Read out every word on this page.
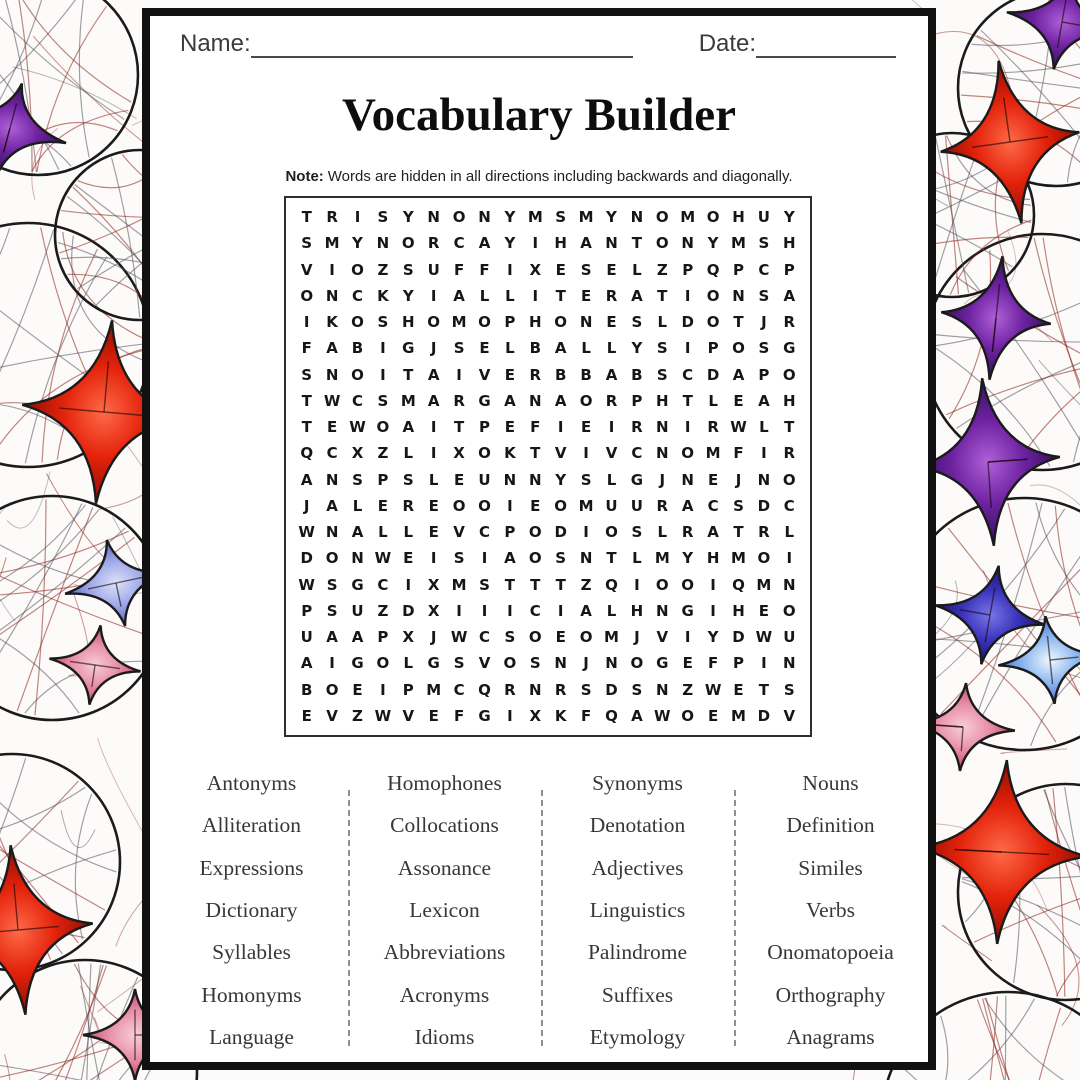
Name:	Date:
Vocabulary Builder
Note: Words are hidden in all directions including backwards and diagonally.
T R	I	S Y N O N Y M S M Y N O M O H U Y
S M Y N O R C A Y	I	H A N T O N Y M S H
V	I	O Z S U F	F	I	X E S E	L	Z P Q P C P
O N C K Y	I	A L	L	I	T	E R A T	I	O N S A
I	K O S H O M O P H O N E S	L D O T	J	R
F A B	I	G	J	S E	L B A L	L	Y S	I	P O S G
S N O	I	T A	I	V E R B B A B S C D A P O
T W C S M A R G A N A O R P H T	L	E A H
T	E W O A	I	T P E	F	I	E	I	R N	I	R W L	T
Q C X Z	L	I	X O K T V	I	V C N O M F	I	R
A N S P S	L	E U N N Y S	L G	J	N E	J	N O
J	A L	E R E O O	I	E O M U U R A C S D C
W N A L	L	E V C P O D	I	O S	L R A T R L
D O N W E	I	S	I	A O S N T	L M Y H M O	I
W S G C	I	X M S T	T	T Z Q	I	O O	I	Q M N
P S U Z D X	I	I	I	C	I	A L H N G	I	H E O
U A A P X	J W C S O E O M	J	V	I	Y D W U
A	I	G O L G S V O S N	J	N O G E	F P	I	N
B O E	I	P M C Q R N R S D S N Z W E	T S
E V Z W V E	F G	I	X K F Q A W O E M D V
Antonyms
Alliteration
Expressions
Dictionary
Syllables
Homonyms
Language
Homophones
Collocations
Assonance
Lexicon
Abbreviations
Acronyms
Idioms
Synonyms
Denotation
Adjectives
Linguistics
Palindrome
Suffixes
Etymology
Nouns
Definition
Similes
Verbs
Onomatopoeia
Orthography
Anagrams
